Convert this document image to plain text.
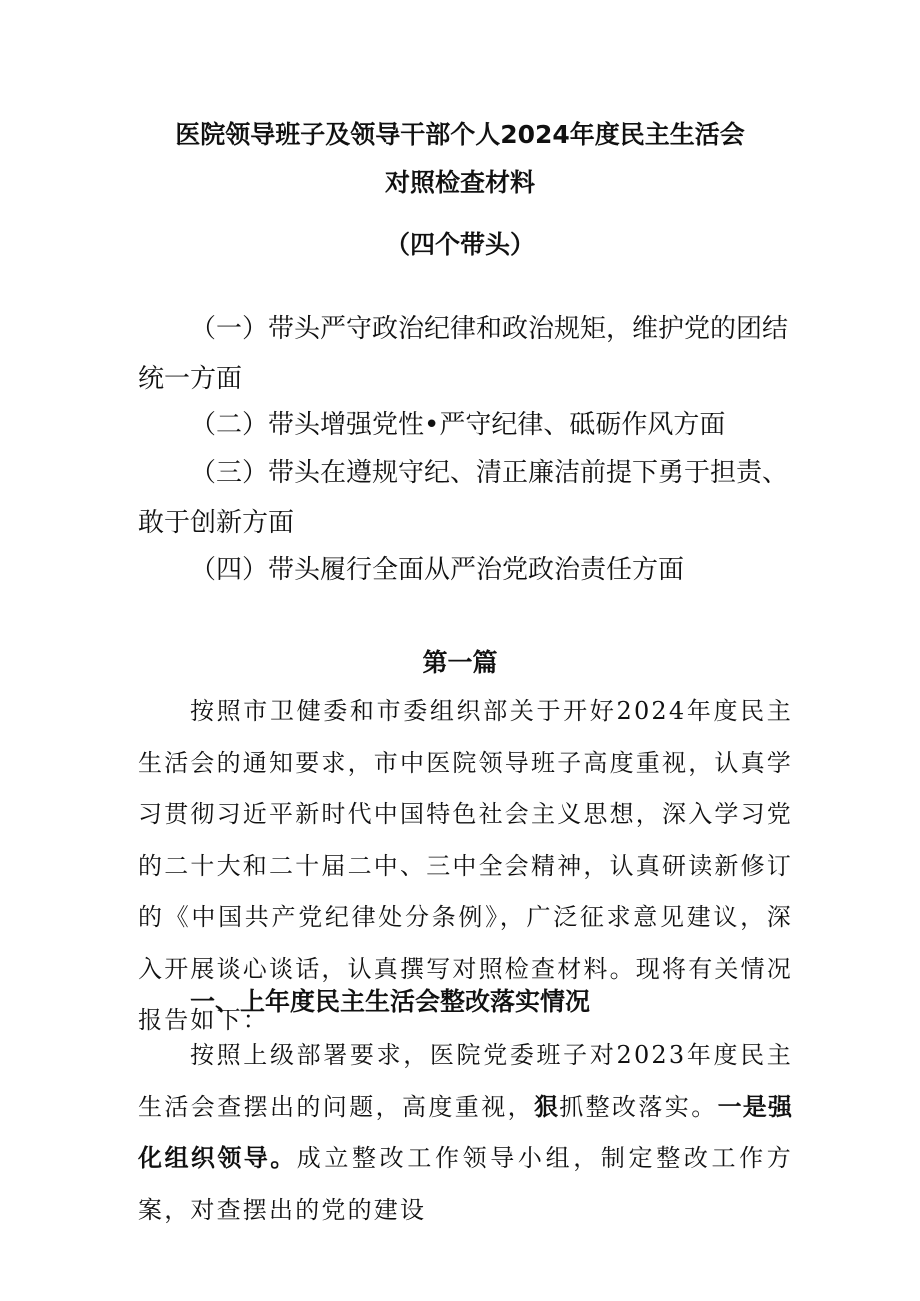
医院领导班子及领导干部个人2024年度民主生活会
对照检查材料
（四个带头）
（一）带头严守政治纪律和政治规矩，维护党的团结统一方面
（二）带头增强党性•严守纪律、砥砺作风方面
（三）带头在遵规守纪、清正廉洁前提下勇于担责、敢于创新方面
（四）带头履行全面从严治党政治责任方面
第一篇
按照市卫健委和市委组织部关于开好2024年度民主生活会的通知要求，市中医院领导班子高度重视，认真学习贯彻习近平新时代中国特色社会主义思想，深入学习党的二十大和二十届二中、三中全会精神，认真研读新修订的《中国共产党纪律处分条例》，广泛征求意见建议，深入开展谈心谈话，认真撰写对照检查材料。现将有关情况报告如下：
一、上年度民主生活会整改落实情况
按照上级部署要求，医院党委班子对2023年度民主生活会查摆出的问题，高度重视，狠抓整改落实。一是强化组织领导。成立整改工作领导小组，制定整改工作方案，对查摆出的党的建设
